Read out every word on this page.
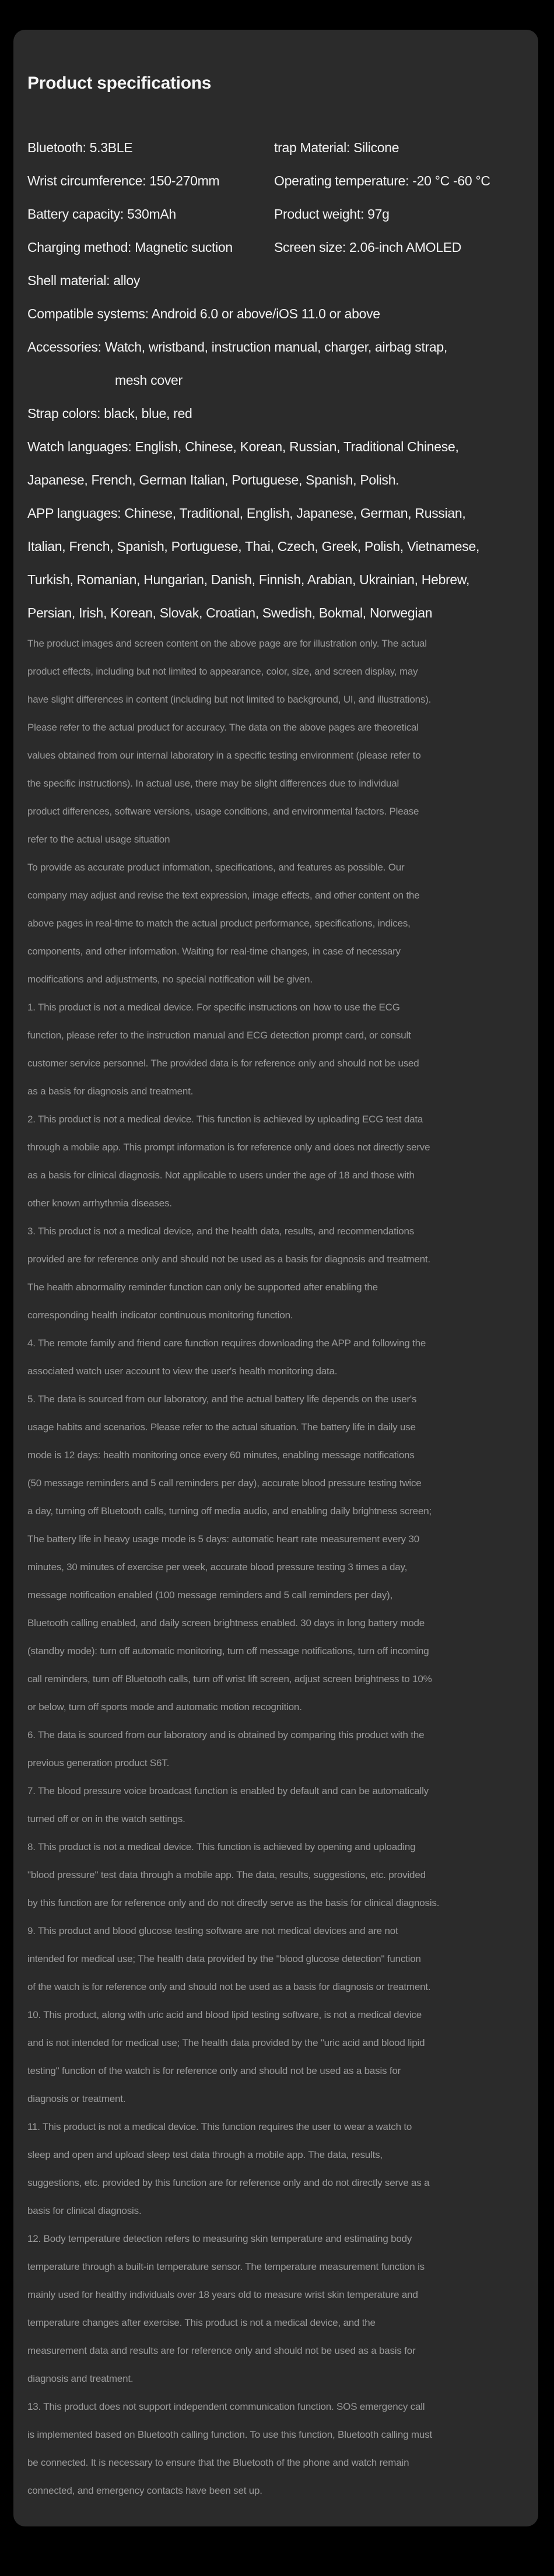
Product specifications
Bluetooth: 5.3BLE	trap Material: Silicone
Wrist circumference: 150-270mm	Operating temperature: -20 °C -60 °C
Battery capacity: 530mAh	Product weight: 97g
Charging method: Magnetic suction	Screen size: 2.06-inch AMOLED
Shell material: alloy
Compatible systems: Android 6.0 or above/iOS 11.0 or above
Accessories: Watch, wristband, instruction manual, charger, airbag strap,
mesh cover
Strap colors: black, blue, red
Watch languages: English, Chinese, Korean, Russian, Traditional Chinese,
Japanese, French, German Italian, Portuguese, Spanish, Polish.
APP languages: Chinese, Traditional, English, Japanese, German, Russian,
Italian, French, Spanish, Portuguese, Thai, Czech, Greek, Polish, Vietnamese,
Turkish, Romanian, Hungarian, Danish, Finnish, Arabian, Ukrainian, Hebrew,
Persian, Irish, Korean, Slovak, Croatian, Swedish, Bokmal, Norwegian
The product images and screen content on the above page are for illustration only. The actual
product effects, including but not limited to appearance, color, size, and screen display, may
have slight differences in content (including but not limited to background, UI, and illustrations).
Please refer to the actual product for accuracy. The data on the above pages are theoretical
values obtained from our internal laboratory in a specific testing environment (please refer to
the specific instructions). In actual use, there may be slight differences due to individual
product differences, software versions, usage conditions, and environmental factors. Please
refer to the actual usage situation
To provide as accurate product information, specifications, and features as possible. Our
company may adjust and revise the text expression, image effects, and other content on the
above pages in real-time to match the actual product performance, specifications, indices,
components, and other information. Waiting for real-time changes, in case of necessary
modifications and adjustments, no special notification will be given.
1. This product is not a medical device. For specific instructions on how to use the ECG
function, please refer to the instruction manual and ECG detection prompt card, or consult
customer service personnel. The provided data is for reference only and should not be used
as a basis for diagnosis and treatment.
2. This product is not a medical device. This function is achieved by uploading ECG test data
through a mobile app. This prompt information is for reference only and does not directly serve
as a basis for clinical diagnosis. Not applicable to users under the age of 18 and those with
other known arrhythmia diseases.
3. This product is not a medical device, and the health data, results, and recommendations
provided are for reference only and should not be used as a basis for diagnosis and treatment.
The health abnormality reminder function can only be supported after enabling the
corresponding health indicator continuous monitoring function.
4. The remote family and friend care function requires downloading the APP and following the
associated watch user account to view the user's health monitoring data.
5. The data is sourced from our laboratory, and the actual battery life depends on the user's
usage habits and scenarios. Please refer to the actual situation. The battery life in daily use
mode is 12 days: health monitoring once every 60 minutes, enabling message notifications
(50 message reminders and 5 call reminders per day), accurate blood pressure testing twice
a day, turning off Bluetooth calls, turning off media audio, and enabling daily brightness screen;
The battery life in heavy usage mode is 5 days: automatic heart rate measurement every 30
minutes, 30 minutes of exercise per week, accurate blood pressure testing 3 times a day,
message notification enabled (100 message reminders and 5 call reminders per day),
Bluetooth calling enabled, and daily screen brightness enabled. 30 days in long battery mode
(standby mode): turn off automatic monitoring, turn off message notifications, turn off incoming
call reminders, turn off Bluetooth calls, turn off wrist lift screen, adjust screen brightness to 10%
or below, turn off sports mode and automatic motion recognition.
6. The data is sourced from our laboratory and is obtained by comparing this product with the
previous generation product S6T.
7. The blood pressure voice broadcast function is enabled by default and can be automatically
turned off or on in the watch settings.
8. This product is not a medical device. This function is achieved by opening and uploading
"blood pressure" test data through a mobile app. The data, results, suggestions, etc. provided
by this function are for reference only and do not directly serve as the basis for clinical diagnosis.
9. This product and blood glucose testing software are not medical devices and are not
intended for medical use; The health data provided by the "blood glucose detection" function
of the watch is for reference only and should not be used as a basis for diagnosis or treatment.
10. This product, along with uric acid and blood lipid testing software, is not a medical device
and is not intended for medical use; The health data provided by the "uric acid and blood lipid
testing" function of the watch is for reference only and should not be used as a basis for
diagnosis or treatment.
11. This product is not a medical device. This function requires the user to wear a watch to
sleep and open and upload sleep test data through a mobile app. The data, results,
suggestions, etc. provided by this function are for reference only and do not directly serve as a
basis for clinical diagnosis.
12. Body temperature detection refers to measuring skin temperature and estimating body
temperature through a built-in temperature sensor. The temperature measurement function is
mainly used for healthy individuals over 18 years old to measure wrist skin temperature and
temperature changes after exercise. This product is not a medical device, and the
measurement data and results are for reference only and should not be used as a basis for
diagnosis and treatment.
13. This product does not support independent communication function. SOS emergency call
is implemented based on Bluetooth calling function. To use this function, Bluetooth calling must
be connected. It is necessary to ensure that the Bluetooth of the phone and watch remain
connected, and emergency contacts have been set up.
